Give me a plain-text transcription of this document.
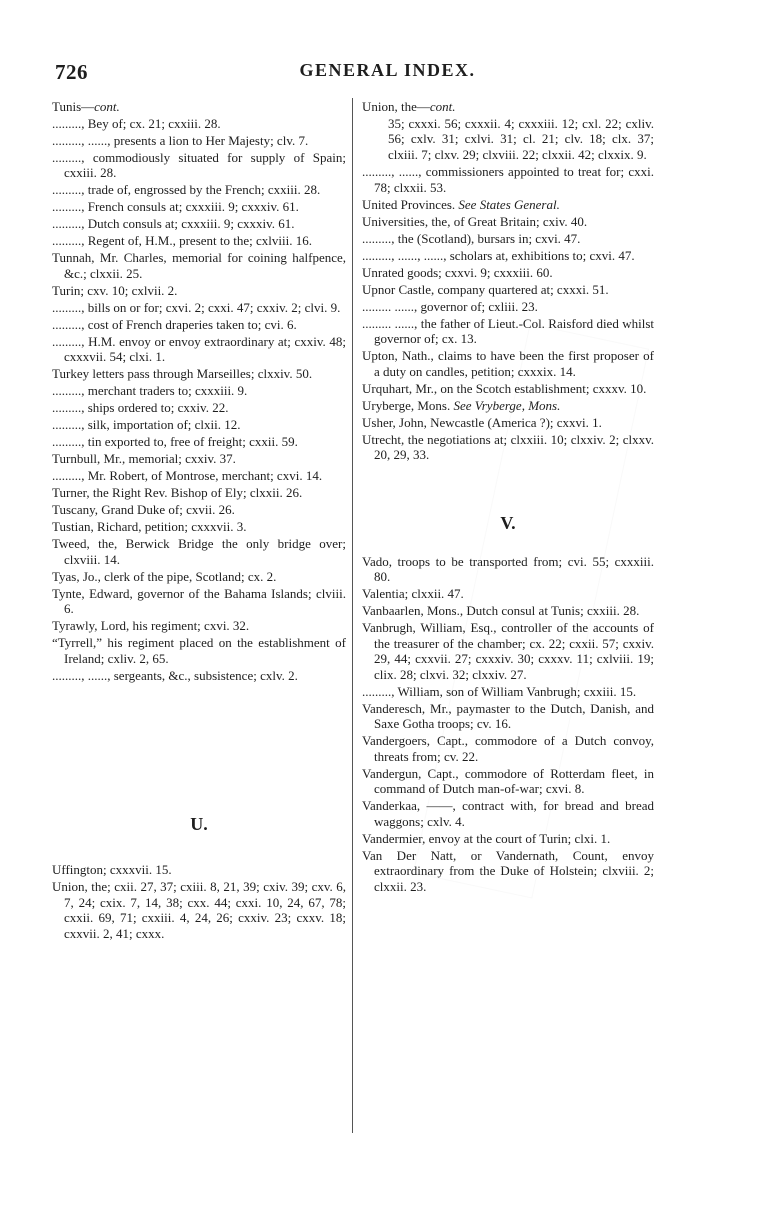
726	GENERAL INDEX.

Tunis—cont.

........., Bey of; cx. 21; cxxiii. 28.

........., ......, presents a lion to Her Majesty; clv. 7.

........., commodiously situated for supply of Spain; cxxiii. 28.

........., trade of, engrossed by the French; cxxiii. 28.

........., French consuls at; cxxxiii. 9; cxxxiv. 61.

........., Dutch consuls at; cxxxiii. 9; cxxxiv. 61.

........., Regent of, H.M., present to the; cxlviii. 16.

Tunnah, Mr. Charles, memorial for coining halfpence, &c.; clxxii. 25.

Turin; cxv. 10; cxlvii. 2.

........., bills on or for; cxvi. 2; cxxi. 47; cxxiv. 2; clvi. 9.

........., cost of French draperies taken to; cvi. 6.

........., H.M. envoy or envoy extraordinary at; cxxiv. 48; cxxxvii. 54; clxi. 1.

Turkey letters pass through Marseilles; clxxiv. 50.

........., merchant traders to; cxxxiii. 9.

........., ships ordered to; cxxiv. 22.

........., silk, importation of; clxii. 12.

........., tin exported to, free of freight; cxxii. 59.

Turnbull, Mr., memorial; cxxiv. 37.

........., Mr. Robert, of Montrose, merchant; cxvi. 14.

Turner, the Right Rev. Bishop of Ely; clxxii. 26.

Tuscany, Grand Duke of; cxvii. 26.

Tustian, Richard, petition; cxxxvii. 3.

Tweed, the, Berwick Bridge the only bridge over; clxviii. 14.

Tyas, Jo., clerk of the pipe, Scotland; cx. 2.

Tynte, Edward, governor of the Bahama Islands; clviii. 6.

Tyrawly, Lord, his regiment; cxvi. 32.

“Tyrrell,” his regiment placed on the establishment of Ireland; cxliv. 2, 65.

........., ......, sergeants, &c., subsistence; cxlv. 2.

U.

Uffington; cxxxvii. 15.

Union, the; cxii. 27, 37; cxiii. 8, 21, 39; cxiv. 39; cxv. 6, 7, 24; cxix. 7, 14, 38; cxx. 44; cxxi. 10, 24, 67, 78; cxxii. 69, 71; cxxiii. 4, 24, 26; cxxiv. 23; cxxv. 18; cxxvii. 2, 41; cxxx.

Union, the—cont.

35; cxxxi. 56; cxxxii. 4; cxxxiii. 12; cxl. 22; cxliv. 56; cxlv. 31; cxlvi. 31; cl. 21; clv. 18; clx. 37; clxiii. 7; clxv. 29; clxviii. 22; clxxii. 42; clxxix. 9.

........., ......, commissioners appointed to treat for; cxxi. 78; clxxii. 53.

United Provinces. See States General.

Universities, the, of Great Britain; cxiv. 40.

........., the (Scotland), bursars in; cxvi. 47.

........., ......, ......, scholars at, exhibitions to; cxvi. 47.

Unrated goods; cxxvi. 9; cxxxiii. 60.

Upnor Castle, company quartered at; cxxxi. 51.

......... ......, governor of; cxliii. 23.

......... ......, the father of Lieut.-Col. Raisford died whilst governor of; cx. 13.

Upton, Nath., claims to have been the first proposer of a duty on candles, petition; cxxxix. 14.

Urquhart, Mr., on the Scotch establishment; cxxxv. 10.

Uryberge, Mons. See Vryberge, Mons.

Usher, John, Newcastle (America ?); cxxvi. 1.

Utrecht, the negotiations at; clxxiii. 10; clxxiv. 2; clxxv. 20, 29, 33.

V.

Vado, troops to be transported from; cvi. 55; cxxxiii. 80.

Valentia; clxxii. 47.

Vanbaarlen, Mons., Dutch consul at Tunis; cxxiii. 28.

Vanbrugh, William, Esq., controller of the accounts of the treasurer of the chamber; cx. 22; cxxii. 57; cxxiv. 29, 44; cxxvii. 27; cxxxiv. 30; cxxxv. 11; cxlviii. 19; clix. 28; clxvi. 32; clxxiv. 27.

........., William, son of William Vanbrugh; cxxiii. 15.

Vanderesch, Mr., paymaster to the Dutch, Danish, and Saxe Gotha troops; cv. 16.

Vandergoers, Capt., commodore of a Dutch convoy, threats from; cv. 22.

Vandergun, Capt., commodore of Rotterdam fleet, in command of Dutch man-of-war; cxvi. 8.

Vanderkaa, ——, contract with, for bread and bread waggons; cxlv. 4.

Vandermier, envoy at the court of Turin; clxi. 1.

Van Der Natt, or Vandernath, Count, envoy extraordinary from the Duke of Holstein; clxviii. 2; clxxii. 23.
